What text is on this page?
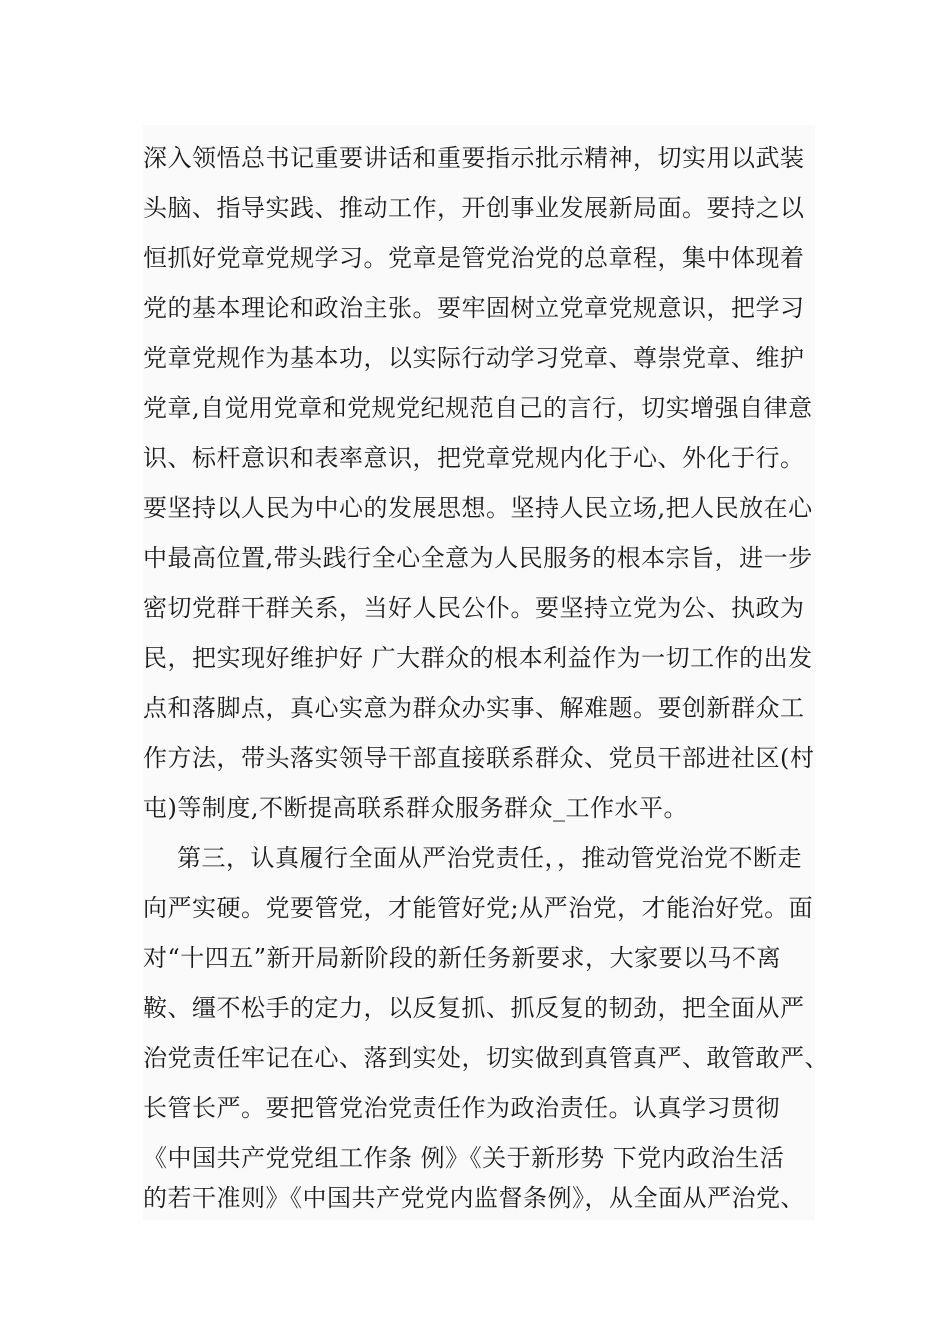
深入领悟总书记重要讲话和重要指示批示精神，切实用以武装
头脑、指导实践、推动工作，开创事业发展新局面。要持之以
恒抓好党章党规学习。党章是管党治党的总章程，集中体现着
党的基本理论和政治主张。要牢固树立党章党规意识，把学习
党章党规作为基本功，以实际行动学习党章、尊崇党章、维护
党章,自觉用党章和党规党纪规范自己的言行，切实增强自律意
识、标杆意识和表率意识，把党章党规内化于心、外化于行。
要坚持以人民为中心的发展思想。坚持人民立场,把人民放在心
中最高位置,带头践行全心全意为人民服务的根本宗旨，进一步
密切党群干群关系，当好人民公仆。要坚持立党为公、执政为
民，把实现好维护好 广大群众的根本利益作为一切工作的出发
点和落脚点，真心实意为群众办实事、解难题。要创新群众工
作方法，带头落实领导干部直接联系群众、党员干部进社区(村
屯)等制度,不断提高联系群众服务群众_工作水平。
第三，认真履行全面从严治党责任，，推动管党治党不断走
向严实硬。党要管党，才能管好党;从严治党，才能治好党。面
对“十四五”新开局新阶段的新任务新要求，大家要以马不离
鞍、缰不松手的定力，以反复抓、抓反复的韧劲，把全面从严
治党责任牢记在心、落到实处，切实做到真管真严、敢管敢严、
长管长严。要把管党治党责任作为政治责任。认真学习贯彻
《中国共产党党组工作条 例》《关于新形势 下党内政治生活
的若干准则》《中国共产党党内监督条例》，从全面从严治党、
